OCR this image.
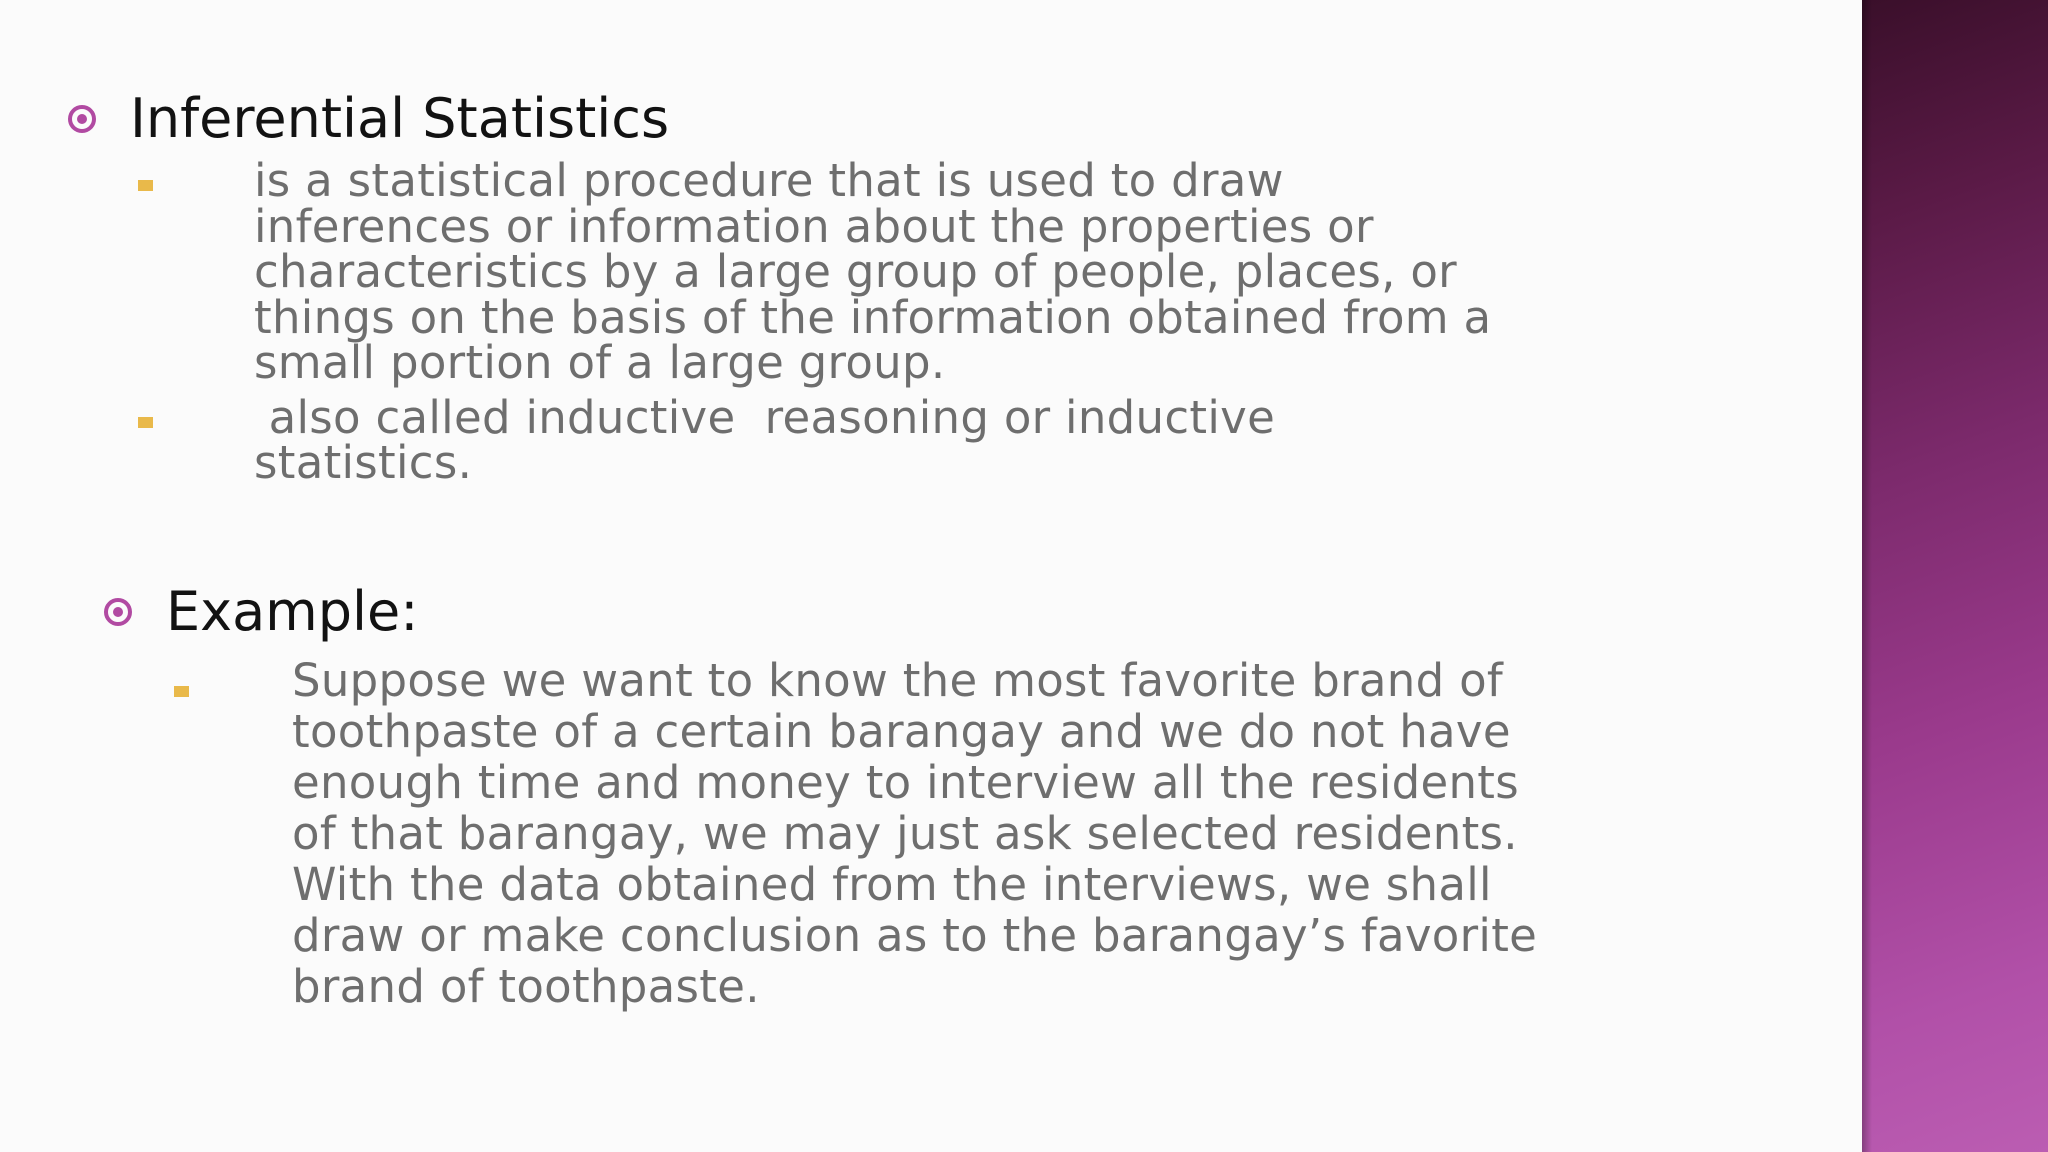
Inferential Statistics
is a statistical procedure that is used to draw
inferences or information about the properties or
characteristics by a large group of people, places, or
things on the basis of the information obtained from a
small portion of a large group.
also called inductive  reasoning or inductive
statistics.
Example:
Suppose we want to know the most favorite brand of
toothpaste of a certain barangay and we do not have
enough time and money to interview all the residents
of that barangay, we may just ask selected residents.
With the data obtained from the interviews, we shall
draw or make conclusion as to the barangay’s favorite
brand of toothpaste.
